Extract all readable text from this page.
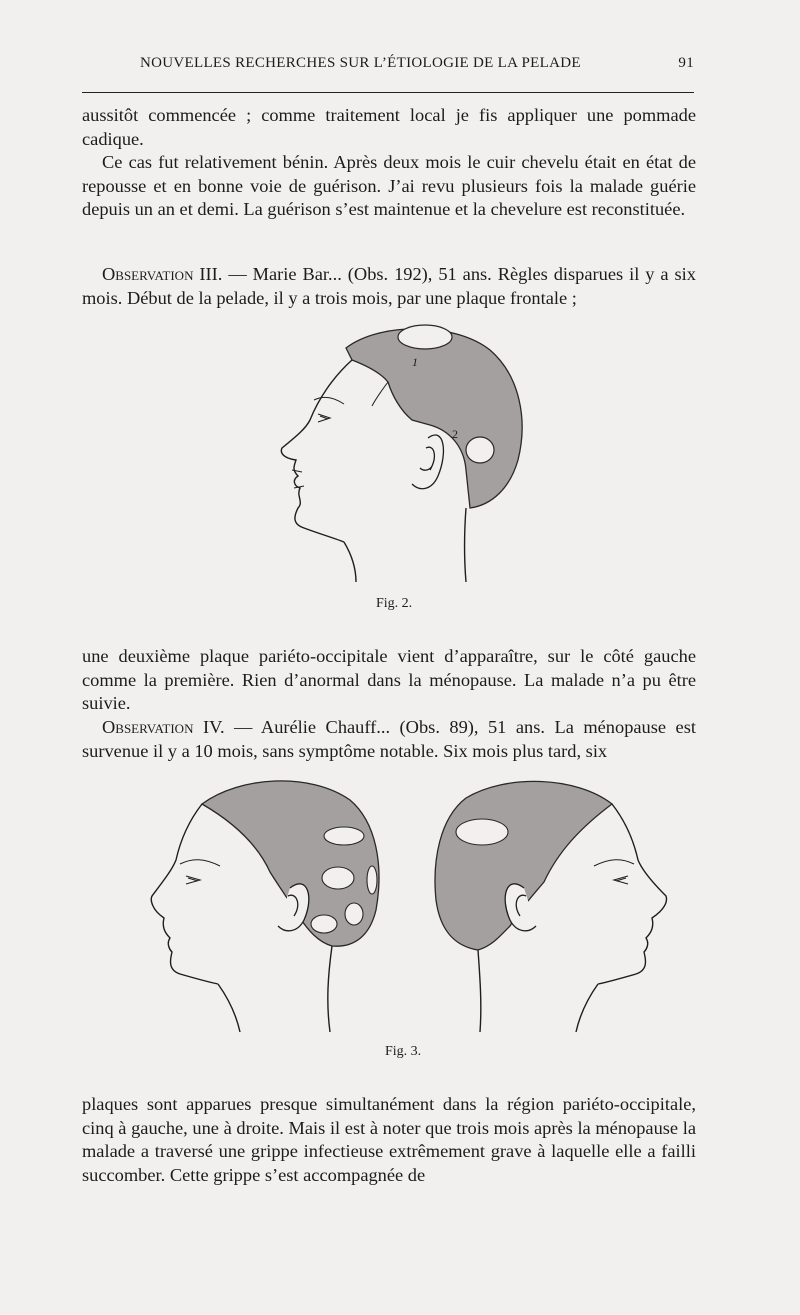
NOUVELLES RECHERCHES SUR L’ÉTIOLOGIE DE LA PELADE	91

aussitôt commencée ; comme traitement local je fis appliquer une pommade cadique.

Ce cas fut relativement bénin. Après deux mois le cuir chevelu était en état de repousse et en bonne voie de guérison. J’ai revu plusieurs fois la malade guérie depuis un an et demi. La guérison s’est maintenue et la chevelure est reconstituée.

Observation III. — Marie Bar... (Obs. 192), 51 ans. Règles disparues il y a six mois. Début de la pelade, il y a trois mois, par une plaque frontale ;

1
2
Fig. 2.

une deuxième plaque pariéto-occipitale vient d’apparaître, sur le côté gauche comme la première. Rien d’anormal dans la ménopause. La malade n’a pu être suivie.

Observation IV. — Aurélie Chauff... (Obs. 89), 51 ans. La ménopause est survenue il y a 10 mois, sans symptôme notable. Six mois plus tard, six

Fig. 3.

plaques sont apparues presque simultanément dans la région pariéto-occipitale, cinq à gauche, une à droite. Mais il est à noter que trois mois après la ménopause la malade a traversé une grippe infectieuse extrêmement grave à laquelle elle a failli succomber. Cette grippe s’est accompagnée de
